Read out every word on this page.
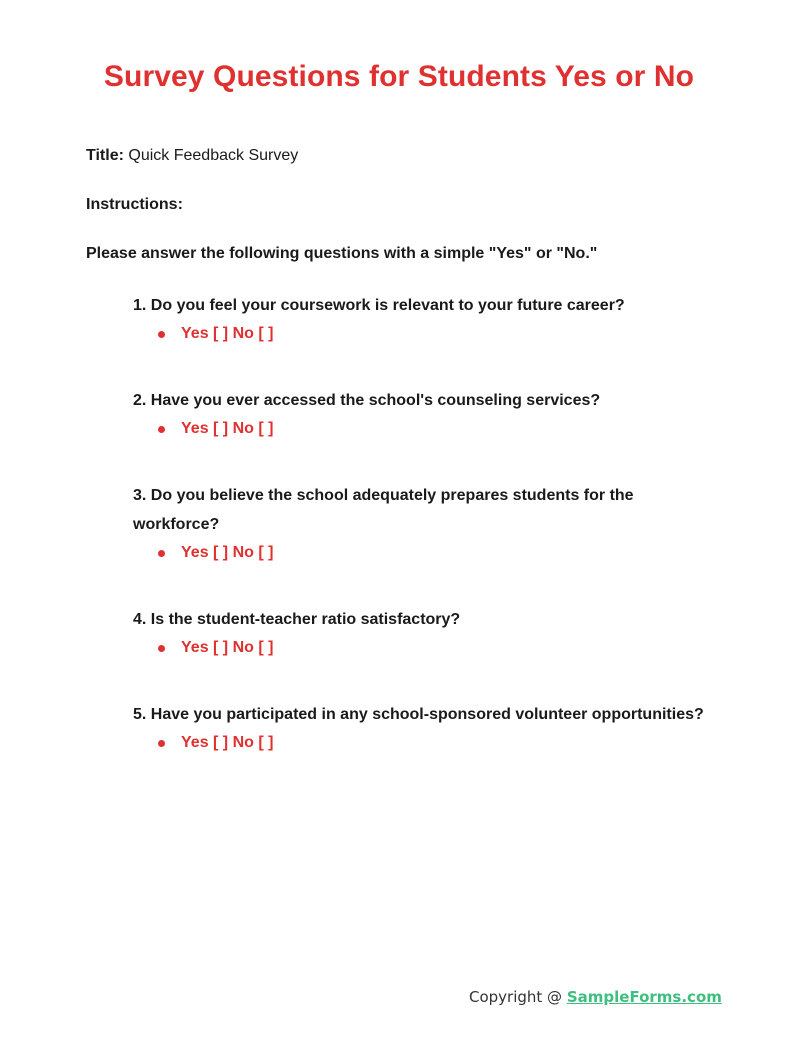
Survey Questions for Students Yes or No

Title: Quick Feedback Survey

Instructions:

Please answer the following questions with a simple "Yes" or "No."

1. Do you feel your coursework is relevant to your future career?

Yes [ ] No [ ]

2. Have you ever accessed the school's counseling services?

Yes [ ] No [ ]

3. Do you believe the school adequately prepares students for the workforce?

Yes [ ] No [ ]

4. Is the student-teacher ratio satisfactory?

Yes [ ] No [ ]

5. Have you participated in any school-sponsored volunteer opportunities?

Yes [ ] No [ ]
Copyright @ SampleForms.com
